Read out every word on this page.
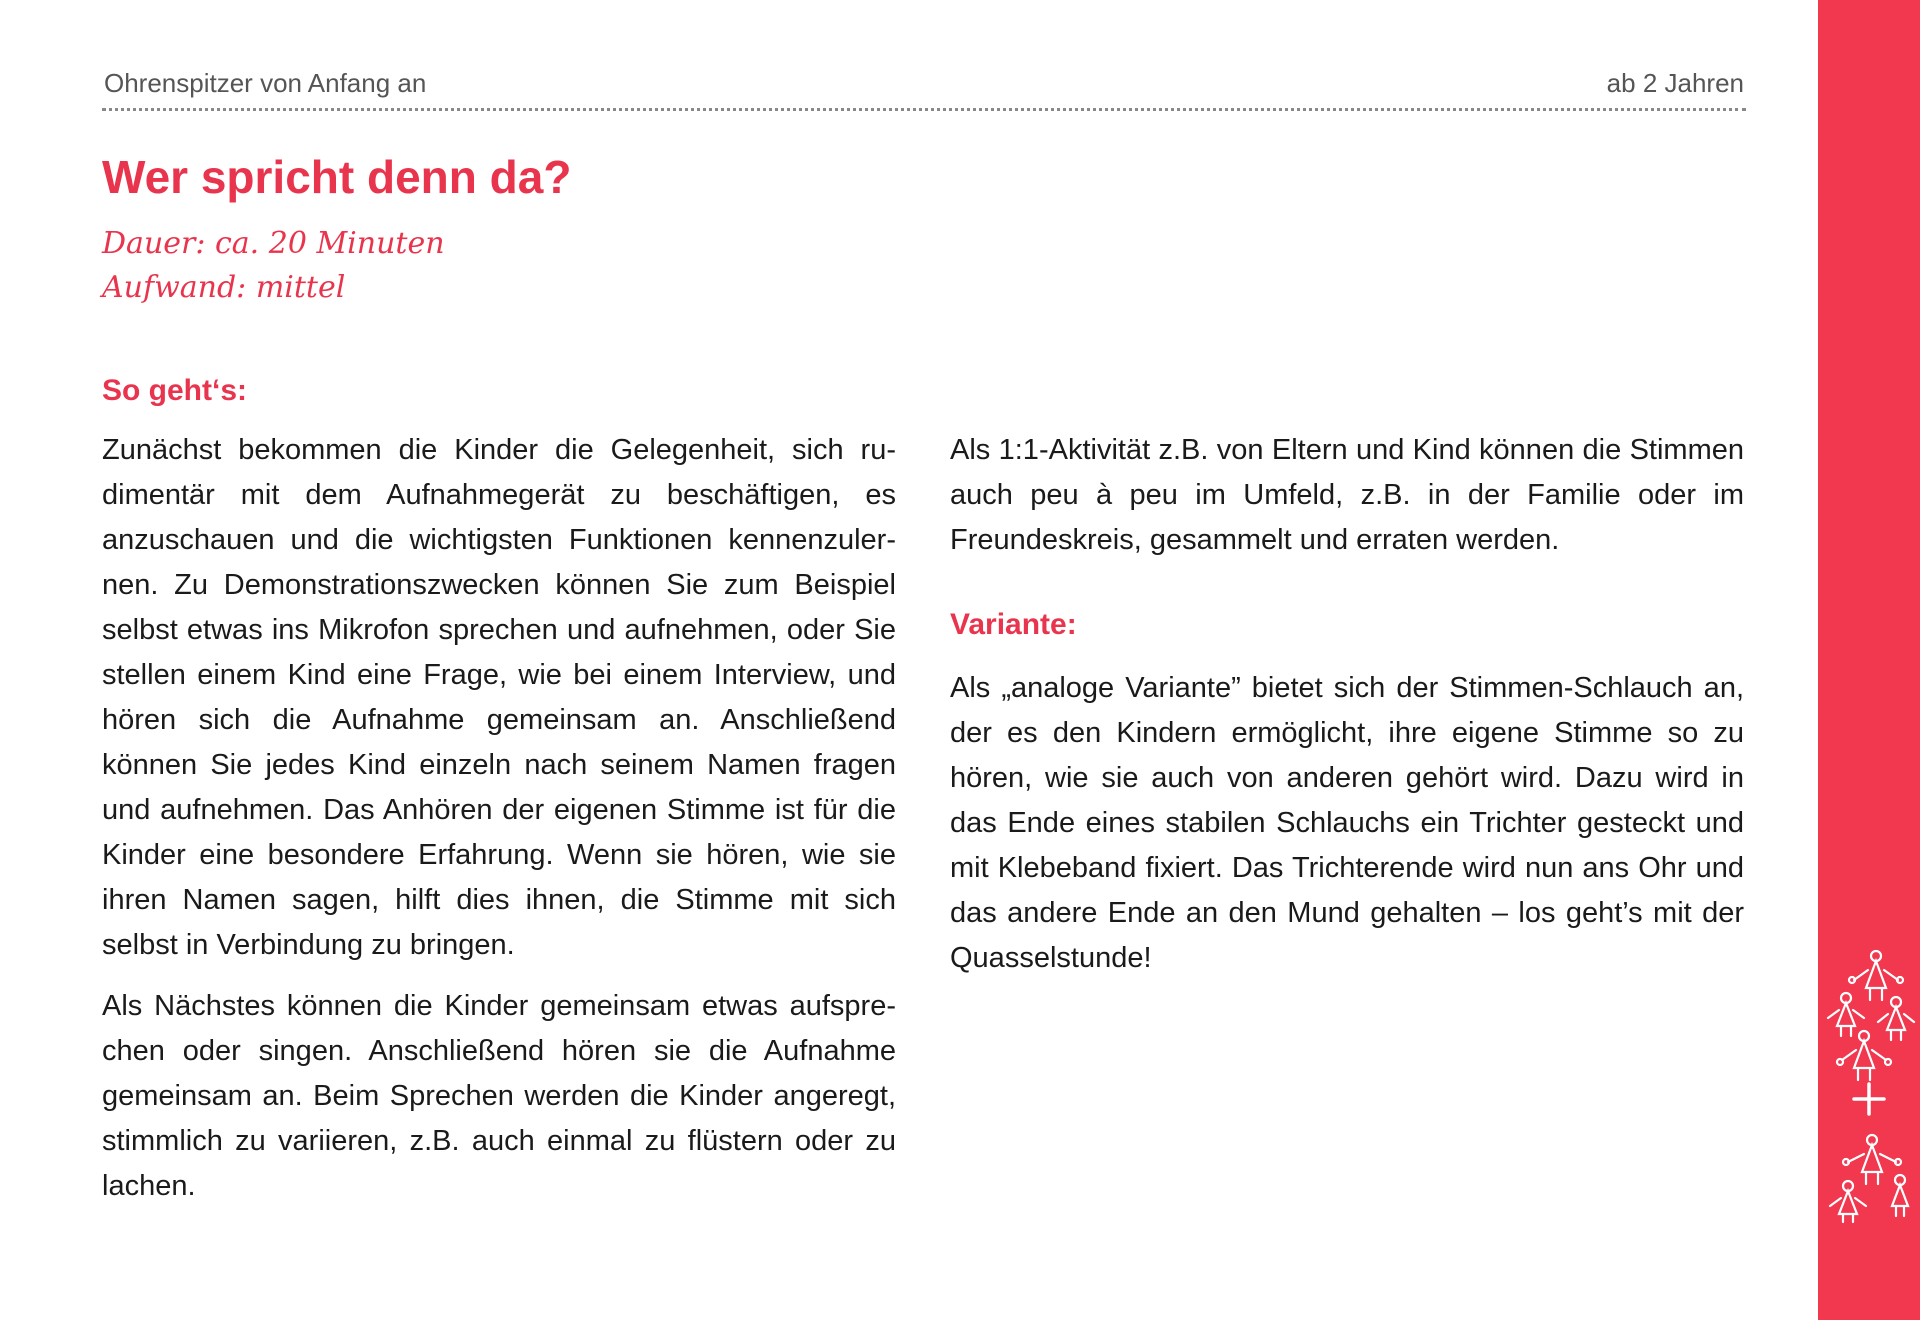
Ohrenspitzer von Anfang an	ab 2 Jahren
Wer spricht denn da?
Dauer: ca. 20 Minuten
Aufwand: mittel
So geht‘s:

Zunächst bekommen die Kinder die Gelegenheit, sich rudimentär mit dem Aufnahmegerät zu beschäftigen, es anzuschauen und die wichtigsten Funktionen kennenzulernen. Zu Demonstrationszwecken können Sie zum Beispiel selbst etwas ins Mikrofon sprechen und aufnehmen, oder Sie stellen einem Kind eine Frage, wie bei einem Interview, und hören sich die Aufnahme gemeinsam an. Anschließend können Sie jedes Kind einzeln nach seinem Namen fragen und aufnehmen. Das Anhören der eigenen Stimme ist für die Kinder eine besondere Erfahrung. Wenn sie hören, wie sie ihren Namen sagen, hilft dies ihnen, die Stimme mit sich selbst in Verbindung zu bringen.

Als Nächstes können die Kinder gemeinsam etwas aufsprechen oder singen. Anschließend hören sie die Aufnahme gemeinsam an. Beim Sprechen werden die Kinder angeregt, stimmlich zu variieren, z.B. auch einmal zu flüstern oder zu lachen.

Als 1:1-Aktivität z.B. von Eltern und Kind können die Stimmen auch peu à peu im Umfeld, z.B. in der Familie oder im Freundeskreis, gesammelt und erraten werden.

Variante:

Als „analoge Variante” bietet sich der Stimmen-Schlauch an, der es den Kindern ermöglicht, ihre eigene Stimme so zu hören, wie sie auch von anderen gehört wird. Dazu wird in das Ende eines stabilen Schlauchs ein Trichter gesteckt und mit Klebeband fixiert. Das Trichterende wird nun ans Ohr und das andere Ende an den Mund gehalten – los geht’s mit der Quasselstunde!
